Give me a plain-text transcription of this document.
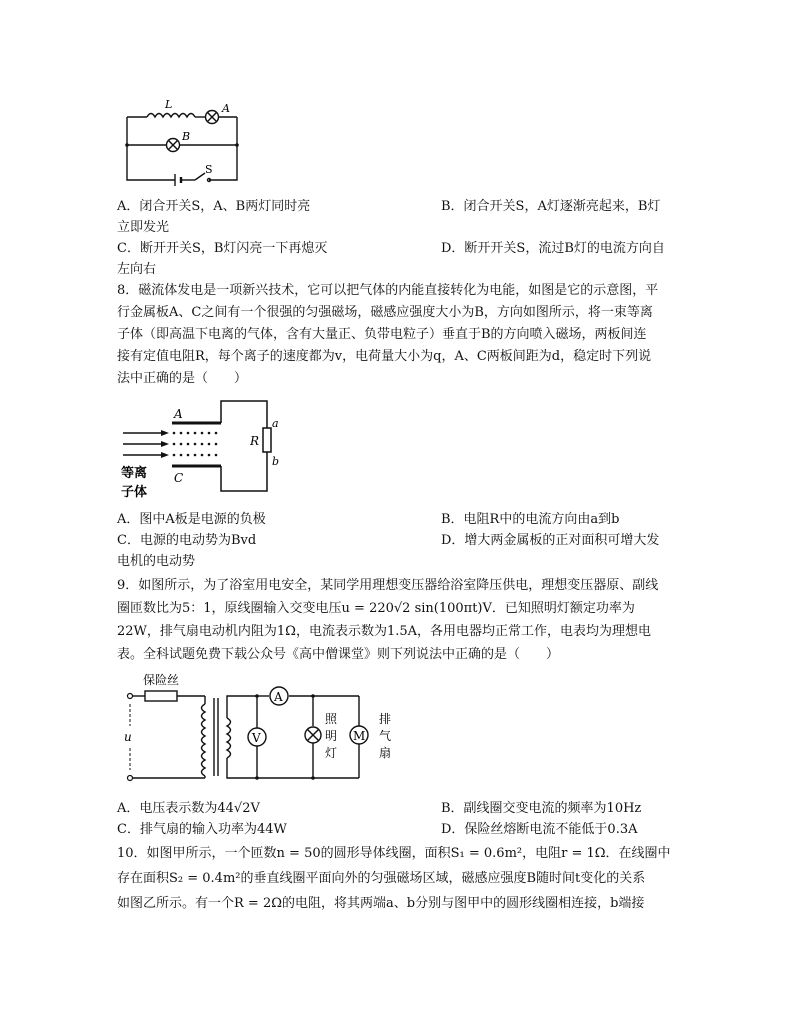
L	A
B
S
A．闭合开关S，A、B两灯同时亮	B．闭合开关S，A灯逐渐亮起来，B灯
立即发光
C．断开开关S，B灯闪亮一下再熄灭	D．断开开关S，流过B灯的电流方向自
左向右
8．磁流体发电是一项新兴技术，它可以把气体的内能直接转化为电能，如图是它的示意图，平
行金属板A、C之间有一个很强的匀强磁场，磁感应强度大小为B，方向如图所示，将一束等离
子体（即高温下电离的气体，含有大量正、负带电粒子）垂直于B的方向喷入磁场，两板间连
接有定值电阻R，每个离子的速度都为v，电荷量大小为q，A、C两板间距为d，稳定时下列说
法中正确的是（　　）
A
C
R
a
b
等离
子体
A．图中A板是电源的负极	B．电阻R中的电流方向由a到b
C．电源的电动势为Bvd	D．增大两金属板的正对面积可增大发
电机的电动势
9．如图所示，为了浴室用电安全，某同学用理想变压器给浴室降压供电，理想变压器原、副线
圈匝数比为5：1，原线圈输入交变电压u = 220√2 sin(100πt)V．已知照明灯额定功率为
22W，排气扇电动机内阻为1Ω，电流表示数为1.5A，各用电器均正常工作，电表均为理想电
表。全科试题免费下载公众号《高中僧课堂》则下列说法中正确的是（　　）
保险丝
u	V
A
M
照
明
灯
排
气
扇
A．电压表示数为44√2V	B．副线圈交变电流的频率为10Hz
C．排气扇的输入功率为44W	D．保险丝熔断电流不能低于0.3A
10．如图甲所示，一个匝数n = 50的圆形导体线圈，面积S₁ = 0.6m²，电阻r = 1Ω．在线圈中
存在面积S₂ = 0.4m²的垂直线圈平面向外的匀强磁场区域，磁感应强度B随时间t变化的关系
如图乙所示。有一个R = 2Ω的电阻，将其两端a、b分别与图甲中的圆形线圈相连接，b端接
